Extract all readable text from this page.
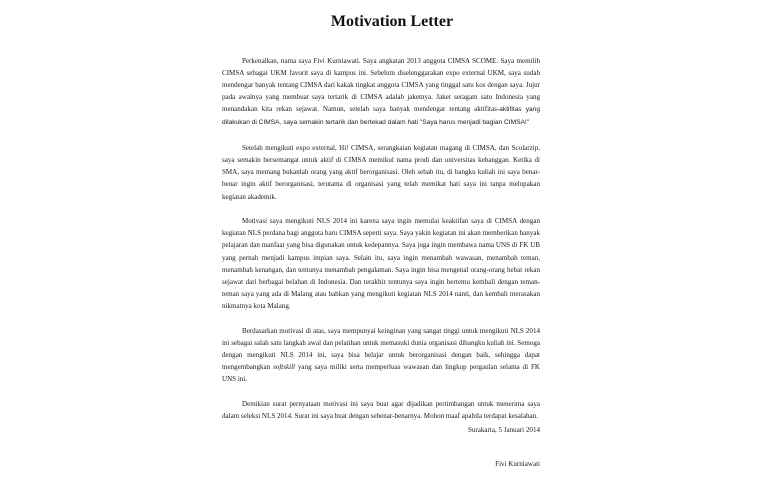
Motivation Letter

Perkenalkan, nama saya Fivi Kurniawati. Saya angkatan 2013 anggota CIMSA SCOME. Saya memilih CIMSA sebagai UKM favorit saya di kampus ini. Sebelum diselenggarakan expo external UKM, saya sudah mendengar banyak tentang CIMSA dari kakak tingkat anggota CIMSA yang tinggal satu kos dengan saya. Jujur pada awalnya yang membuat saya tertarik di CIMSA adalah jaketnya. Jaket seragam satu Indonesia yang menandakan kita rekan sejawat. Namun, setelah saya banyak mendengar tentang aktifitas-aktifitas yang dilakukan di CIMSA, saya semakin tertarik dan bertekad dalam hati "Saya harus menjadi bagian CIMSA!"

Setelah mengikuti expo external, Hi! CIMSA, serangkaian kegiatan magang di CIMSA, dan Scolarzip, saya semakin bersemangat untuk aktif di CIMSA memikul nama prodi dan universitas kebanggan. Ketika di SMA, saya memang bukanlah orang yang aktif berorganisasi. Oleh sebab itu, di bangku kuliah ini saya benar-benar ingin aktif berorganisasi, terutama di organisasi yang telah memikat hati saya ini tanpa melupakan kegiatan akademik.

Motivasi saya mengikuti NLS 2014 ini karena saya ingin memulai keaktifan saya di CIMSA dengan kegiatan NLS perdana bagi anggota baru CIMSA seperti saya. Saya yakin kegiatan ini akan memberikan banyak pelajaran dan manfaat yang bisa digunakan untuk kedepannya. Saya juga ingin membawa nama UNS di FK UB yang pernah menjadi kampus impian saya. Selain itu, saya ingin menambah wawasan, menambah teman, menambah kenangan, dan tentunya menambah pengalaman. Saya ingin bisa mengenal orang-orang hebat rekan sejawat dari berbagai belahan di Indonesia. Dan terakhir tentunya saya ingin bertemu kembali dengan teman-teman saya yang ada di Malang atau bahkan yang mengikuti kegiatan NLS 2014 nanti, dan kembali merasakan nikmatnya kota Malang.

Berdasarkan motivasi di atas, saya mempunyai keinginan yang sangat tinggi untuk mengikuti NLS 2014 ini sebagai salah satu langkah awal dan pelatihan untuk memasuki dunia organisasi dibangku kuliah ini. Semoga dengan mengikuti NLS 2014 ini, saya bisa belajar untuk berorganisasi dengan baik, sehingga dapat mengembangkan softskill yang saya miliki serta memperluas wawasan dan lingkup pergaulan selama di FK UNS ini.

Demikian surat pernyataan motivasi ini saya buat agar dijadikan pertimbangan untuk menerima saya dalam seleksi NLS 2014. Surat ini saya buat dengan sebenar-benarnya. Mohon maaf apabila terdapat kesalahan.

Surakarta, 5 Januari 2014
Fivi Kurniawati
